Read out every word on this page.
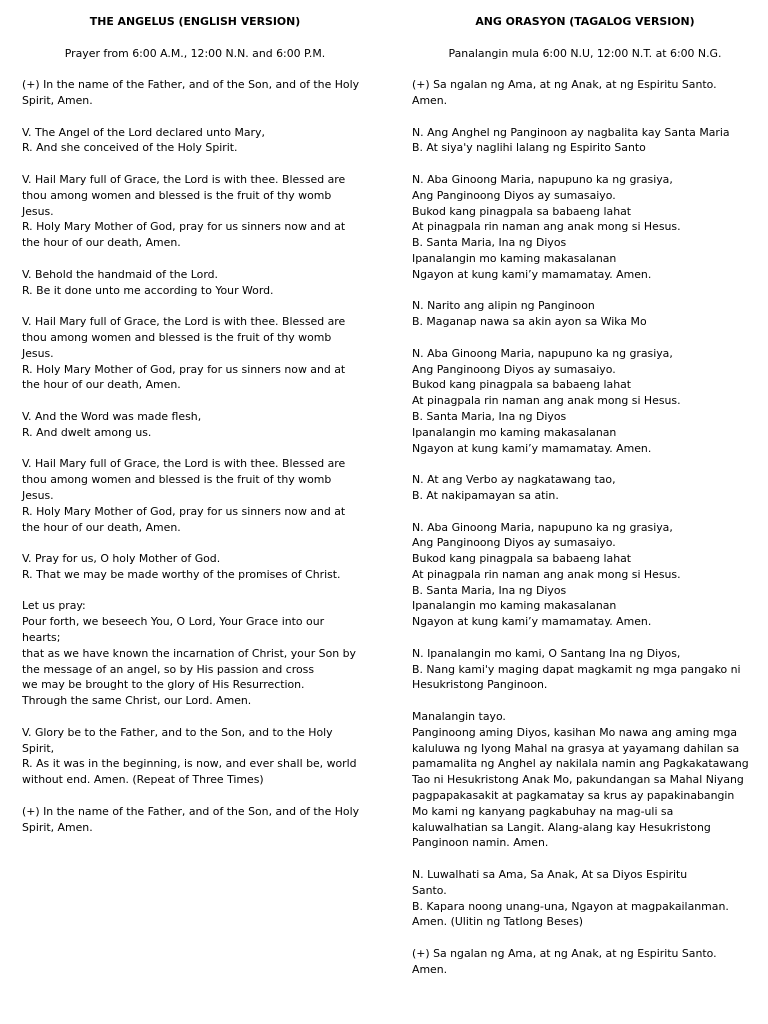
THE ANGELUS (ENGLISH VERSION)
Prayer from 6:00 A.M., 12:00 N.N. and 6:00 P.M.
(+) In the name of the Father, and of the Son, and of the Holy
Spirit, Amen.
V. The Angel of the Lord declared unto Mary,
R. And she conceived of the Holy Spirit.
V. Hail Mary full of Grace, the Lord is with thee. Blessed are
thou among women and blessed is the fruit of thy womb
Jesus.
R. Holy Mary Mother of God, pray for us sinners now and at
the hour of our death, Amen.
V. Behold the handmaid of the Lord.
R. Be it done unto me according to Your Word.
V. Hail Mary full of Grace, the Lord is with thee. Blessed are
thou among women and blessed is the fruit of thy womb
Jesus.
R. Holy Mary Mother of God, pray for us sinners now and at
the hour of our death, Amen.
V. And the Word was made flesh,
R. And dwelt among us.
V. Hail Mary full of Grace, the Lord is with thee. Blessed are
thou among women and blessed is the fruit of thy womb
Jesus.
R. Holy Mary Mother of God, pray for us sinners now and at
the hour of our death, Amen.
V. Pray for us, O holy Mother of God.
R. That we may be made worthy of the promises of Christ.
Let us pray:
Pour forth, we beseech You, O Lord, Your Grace into our
hearts;
that as we have known the incarnation of Christ, your Son by
the message of an angel, so by His passion and cross
we may be brought to the glory of His Resurrection.
Through the same Christ, our Lord. Amen.
V. Glory be to the Father, and to the Son, and to the Holy
Spirit,
R. As it was in the beginning, is now, and ever shall be, world
without end. Amen. (Repeat of Three Times)
(+) In the name of the Father, and of the Son, and of the Holy
Spirit, Amen.
ANG ORASYON (TAGALOG VERSION)
Panalangin mula 6:00 N.U, 12:00 N.T. at 6:00 N.G.
(+) Sa ngalan ng Ama, at ng Anak, at ng Espiritu Santo.
Amen.
N. Ang Anghel ng Panginoon ay nagbalita kay Santa Maria
B. At siya'y naglihi lalang ng Espirito Santo
N. Aba Ginoong Maria, napupuno ka ng grasiya,
Ang Panginoong Diyos ay sumasaiyo.
Bukod kang pinagpala sa babaeng lahat
At pinagpala rin naman ang anak mong si Hesus.
B. Santa Maria, Ina ng Diyos
Ipanalangin mo kaming makasalanan
Ngayon at kung kami’y mamamatay. Amen.
N. Narito ang alipin ng Panginoon
B. Maganap nawa sa akin ayon sa Wika Mo
N. Aba Ginoong Maria, napupuno ka ng grasiya,
Ang Panginoong Diyos ay sumasaiyo.
Bukod kang pinagpala sa babaeng lahat
At pinagpala rin naman ang anak mong si Hesus.
B. Santa Maria, Ina ng Diyos
Ipanalangin mo kaming makasalanan
Ngayon at kung kami’y mamamatay. Amen.
N. At ang Verbo ay nagkatawang tao,
B. At nakipamayan sa atin.
N. Aba Ginoong Maria, napupuno ka ng grasiya,
Ang Panginoong Diyos ay sumasaiyo.
Bukod kang pinagpala sa babaeng lahat
At pinagpala rin naman ang anak mong si Hesus.
B. Santa Maria, Ina ng Diyos
Ipanalangin mo kaming makasalanan
Ngayon at kung kami’y mamamatay. Amen.
N. Ipanalangin mo kami, O Santang Ina ng Diyos,
B. Nang kami'y maging dapat magkamit ng mga pangako ni
Hesukristong Panginoon.
Manalangin tayo.
Panginoong aming Diyos, kasihan Mo nawa ang aming mga
kaluluwa ng Iyong Mahal na grasya at yayamang dahilan sa
pamamalita ng Anghel ay nakilala namin ang Pagkakatawang
Tao ni Hesukristong Anak Mo, pakundangan sa Mahal Niyang
pagpapakasakit at pagkamatay sa krus ay papakinabangin
Mo kami ng kanyang pagkabuhay na mag-uli sa
kaluwalhatian sa Langit. Alang-alang kay Hesukristong
Panginoon namin. Amen.
N. Luwalhati sa Ama, Sa Anak, At sa Diyos Espiritu
Santo.
B. Kapara noong unang-una, Ngayon at magpakailanman.
Amen. (Ulitin ng Tatlong Beses)
(+) Sa ngalan ng Ama, at ng Anak, at ng Espiritu Santo.
Amen.
